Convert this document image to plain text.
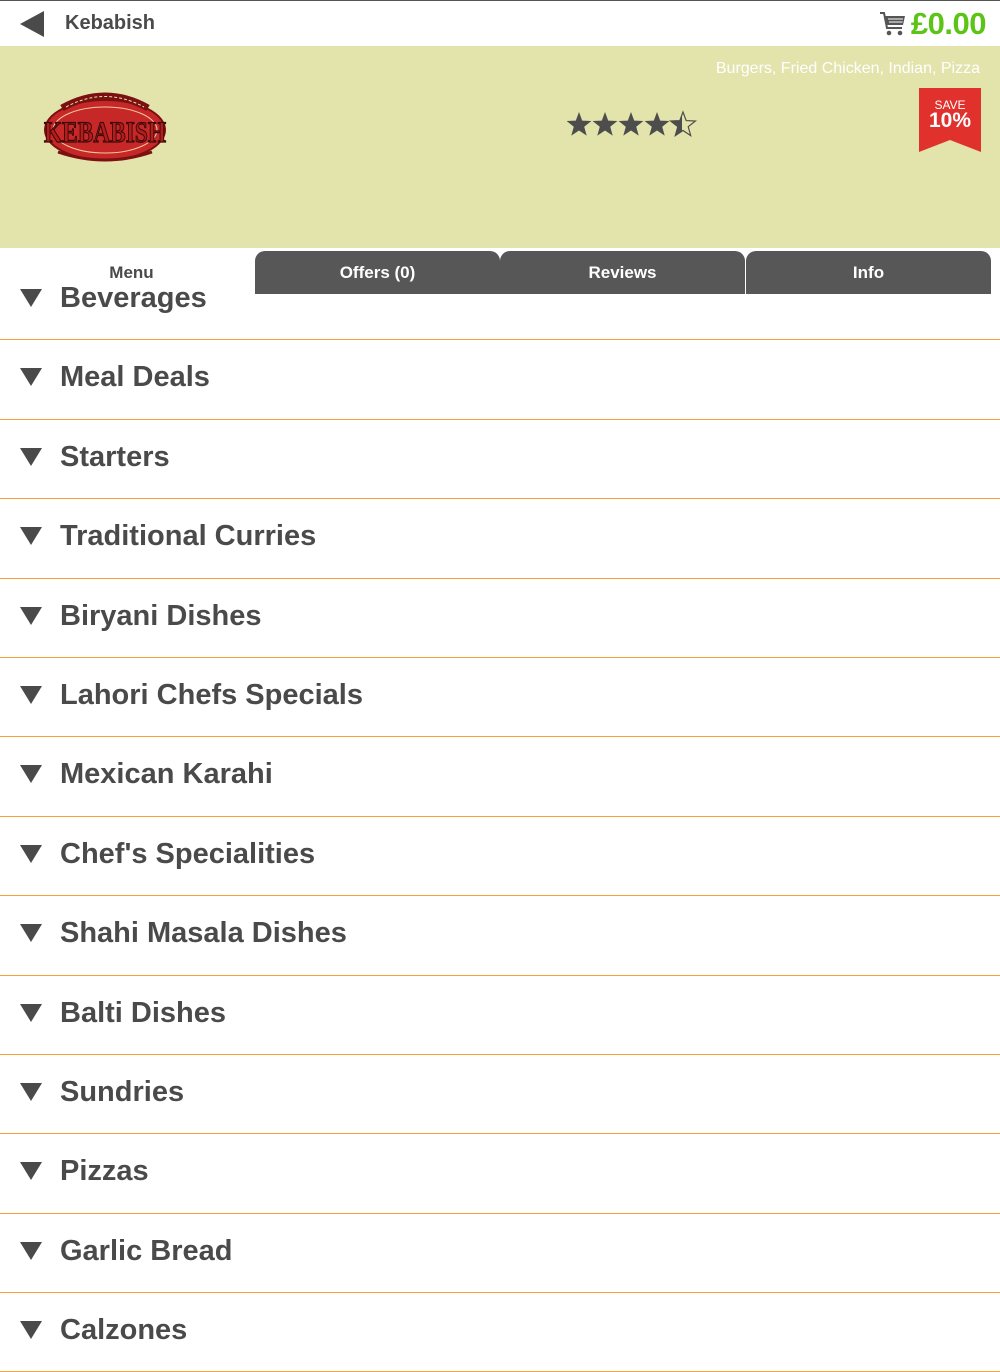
Kebabish	£0.00
Burgers, Fried Chicken, Indian, Pizza
KEBABISH
SAVE
10%
Menu	Offers (0)	Reviews	Info
Beverages
Meal Deals
Starters
Traditional Curries
Biryani Dishes
Lahori Chefs Specials
Mexican Karahi
Chef's Specialities
Shahi Masala Dishes
Balti Dishes
Sundries
Pizzas
Garlic Bread
Calzones
